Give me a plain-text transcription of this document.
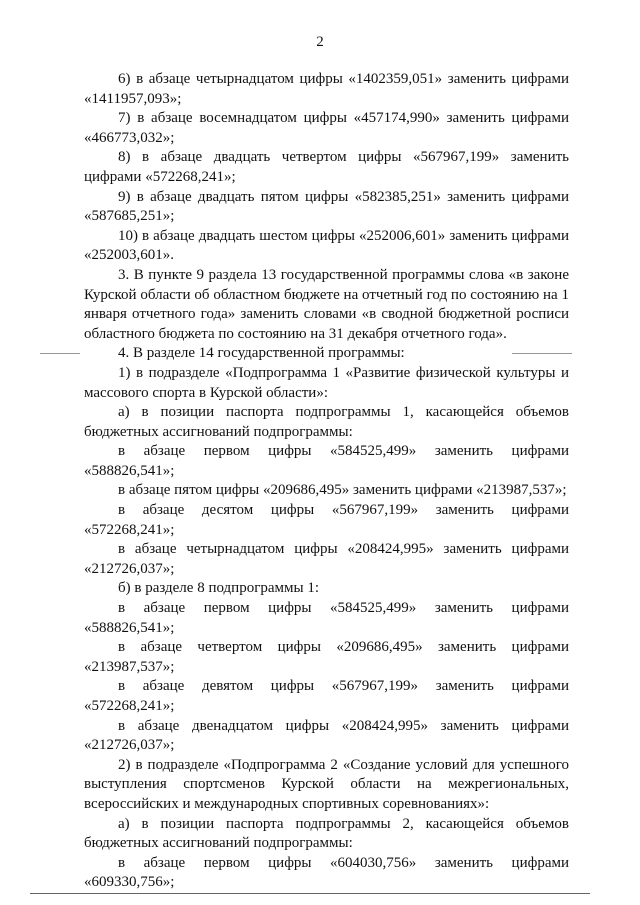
2

6) в абзаце четырнадцатом цифры «1402359,051» заменить цифрами «1411957,093»;

7) в абзаце восемнадцатом цифры «457174,990» заменить цифрами «466773,032»;

8) в абзаце двадцать четвертом цифры «567967,199» заменить цифрами «572268,241»;

9) в абзаце двадцать пятом цифры «582385,251» заменить цифрами «587685,251»;

10) в абзаце двадцать шестом цифры «252006,601» заменить цифрами «252003,601».

3. В пункте 9 раздела 13 государственной программы слова «в законе Курской области об областном бюджете на отчетный год по состоянию на 1 января отчетного года» заменить словами «в сводной бюджетной росписи областного бюджета по состоянию на 31 декабря отчетного года».

4. В разделе 14 государственной программы:

1) в подразделе «Подпрограмма 1 «Развитие физической культуры и массового спорта в Курской области»:

а) в позиции паспорта подпрограммы 1, касающейся объемов бюджетных ассигнований подпрограммы:

в абзаце первом цифры «584525,499» заменить цифрами «588826,541»;

в абзаце пятом цифры «209686,495» заменить цифрами «213987,537»;

в абзаце десятом цифры «567967,199» заменить цифрами «572268,241»;

в абзаце четырнадцатом цифры «208424,995» заменить цифрами «212726,037»;

б) в разделе 8 подпрограммы 1:

в абзаце первом цифры «584525,499» заменить цифрами «588826,541»;

в абзаце четвертом цифры «209686,495» заменить цифрами «213987,537»;

в абзаце девятом цифры «567967,199» заменить цифрами «572268,241»;

в абзаце двенадцатом цифры «208424,995» заменить цифрами «212726,037»;

2) в подразделе «Подпрограмма 2 «Создание условий для успешного выступления спортсменов Курской области на межрегиональных, всероссийских и международных спортивных соревнованиях»:

а) в позиции паспорта подпрограммы 2, касающейся объемов бюджетных ассигнований подпрограммы:

в абзаце первом цифры «604030,756» заменить цифрами «609330,756»;
